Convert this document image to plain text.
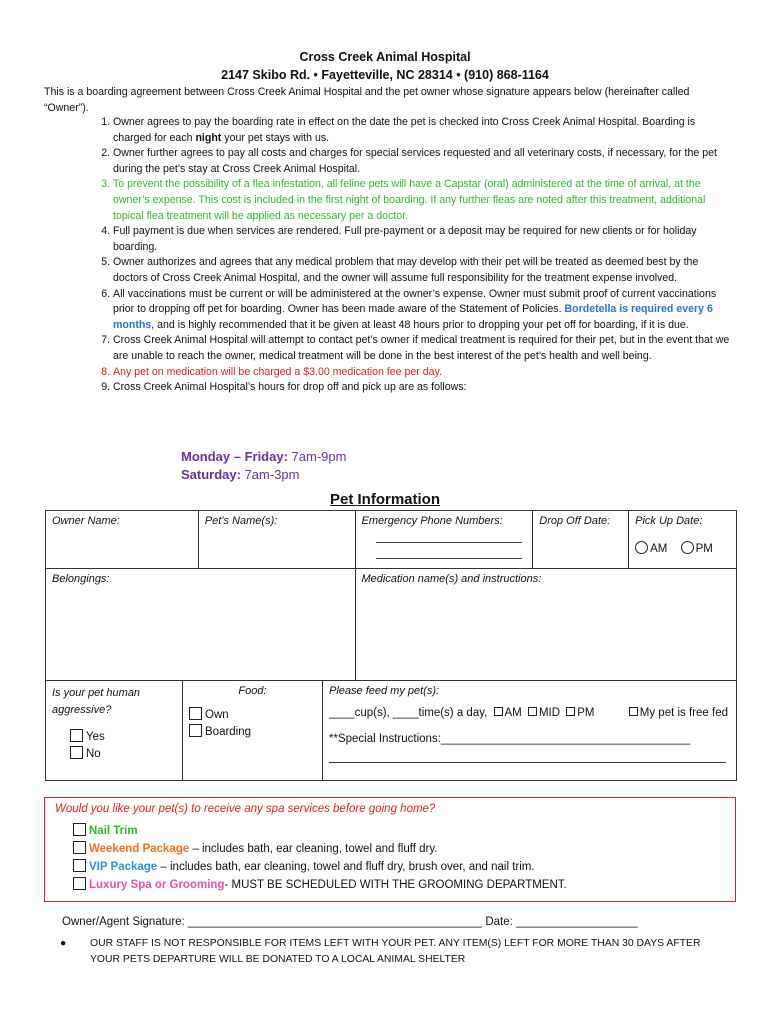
Cross Creek Animal Hospital
2147 Skibo Rd. • Fayetteville, NC 28314 • (910) 868-1164
This is a boarding agreement between Cross Creek Animal Hospital and the pet owner whose signature appears below (hereinafter called “Owner”).
1. Owner agrees to pay the boarding rate in effect on the date the pet is checked into Cross Creek Animal Hospital. Boarding is charged for each night your pet stays with us.
2. Owner further agrees to pay all costs and charges for special services requested and all veterinary costs, if necessary, for the pet during the pet’s stay at Cross Creek Animal Hospital.
3. To prevent the possibility of a flea infestation, all feline pets will have a Capstar (oral) administered at the time of arrival, at the owner’s expense. This cost is included in the first night of boarding. If any further fleas are noted after this treatment, additional topical flea treatment will be applied as necessary per a doctor.
4. Full payment is due when services are rendered. Full pre-payment or a deposit may be required for new clients or for holiday boarding.
5. Owner authorizes and agrees that any medical problem that may develop with their pet will be treated as deemed best by the doctors of Cross Creek Animal Hospital, and the owner will assume full responsibility for the treatment expense involved.
6. All vaccinations must be current or will be administered at the owner’s expense. Owner must submit proof of current vaccinations prior to dropping off pet for boarding. Owner has been made aware of the Statement of Policies. Bordetella is required every 6 months, and is highly recommended that it be given at least 48 hours prior to dropping your pet off for boarding, if it is due.
7. Cross Creek Animal Hospital will attempt to contact pet’s owner if medical treatment is required for their pet, but in the event that we are unable to reach the owner, medical treatment will be done in the best interest of the pet’s health and well being.
8. Any pet on medication will be charged a $3.00 medication fee per day.
9. Cross Creek Animal Hospital’s hours for drop off and pick up are as follows:
Monday – Friday: 7am-9pm
Saturday: 7am-3pm
Pet Information
Owner Name:	Pet’s Name(s):	Emergency Phone Numbers:	Drop Off Date:	Pick Up Date:
AM PM

Belongings:		Medication name(s) and instructions:		
Is your pet human aggressive?
Yes
No

Food:
Own
Boarding

Please feed my pet(s):
____cup(s), ____time(s) a day, AM MID PM	My pet is free fed
**Special Instructions:_______________________________________
Would you like your pet(s) to receive any spa services before going home?
Nail Trim
Weekend Package – includes bath, ear cleaning, towel and fluff dry.
VIP Package – includes bath, ear cleaning, towel and fluff dry, brush over, and nail trim.
Luxury Spa or Grooming- MUST BE SCHEDULED WITH THE GROOMING DEPARTMENT.
Owner/Agent Signature: ______________________________________________ Date: ___________________
● OUR STAFF IS NOT RESPONSIBLE FOR ITEMS LEFT WITH YOUR PET. ANY ITEM(S) LEFT FOR MORE THAN 30 DAYS AFTER YOUR PETS DEPARTURE WILL BE DONATED TO A LOCAL ANIMAL SHELTER
